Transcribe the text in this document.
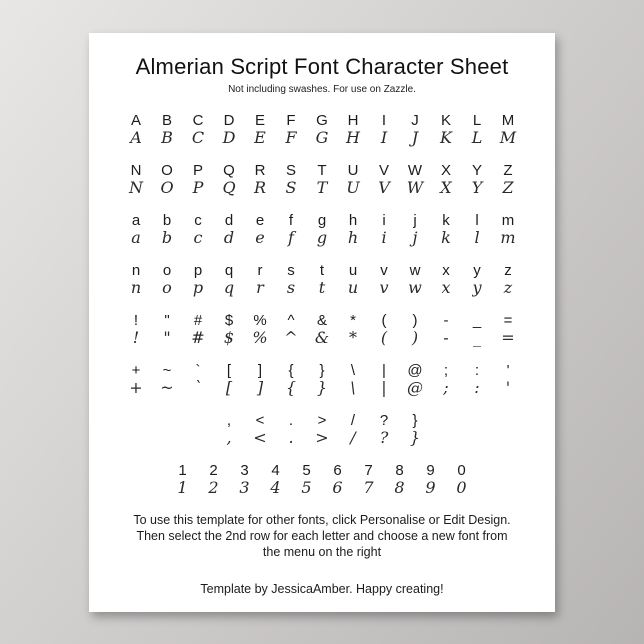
Almerian Script Font Character Sheet
Not including swashes. For use on Zazzle.
A	B	C	D	E	F	G	H	I	J	K	L	M
A	B	C	D	E	F	G	H	I	J	K	L	M
N	O	P	Q	R	S	T	U	V	W	X	Y	Z
N	O	P	Q	R	S	T	U	V	W	X	Y	Z
a	b	c	d	e	f	g	h	i	j	k	l	m
a	b	c	d	e	f	g	h	i	j	k	l	m
n	o	p	q	r	s	t	u	v	w	x	y	z
n	o	p	q	r	s	t	u	v	w	x	y	z
!	"	#	$	%	^	&	*	(	)	-	_	=
!	"	#	$	%	^	&	*	(	)	-	_	=
+	~	`	[	]	{	}	\	|	@	;	:	'
+	~	`	[	]	{	}	\	|	@	;	:	'
,	<	.	>	/	?	}
,	<	.	>	/	?	}
1	2	3	4	5	6	7	8	9	0
1	2	3	4	5	6	7	8	9	0
To use this template for other fonts, click Personalise or Edit Design.
Then select the 2nd row for each letter and choose a new font from
the menu on the right
Template by JessicaAmber. Happy creating!
